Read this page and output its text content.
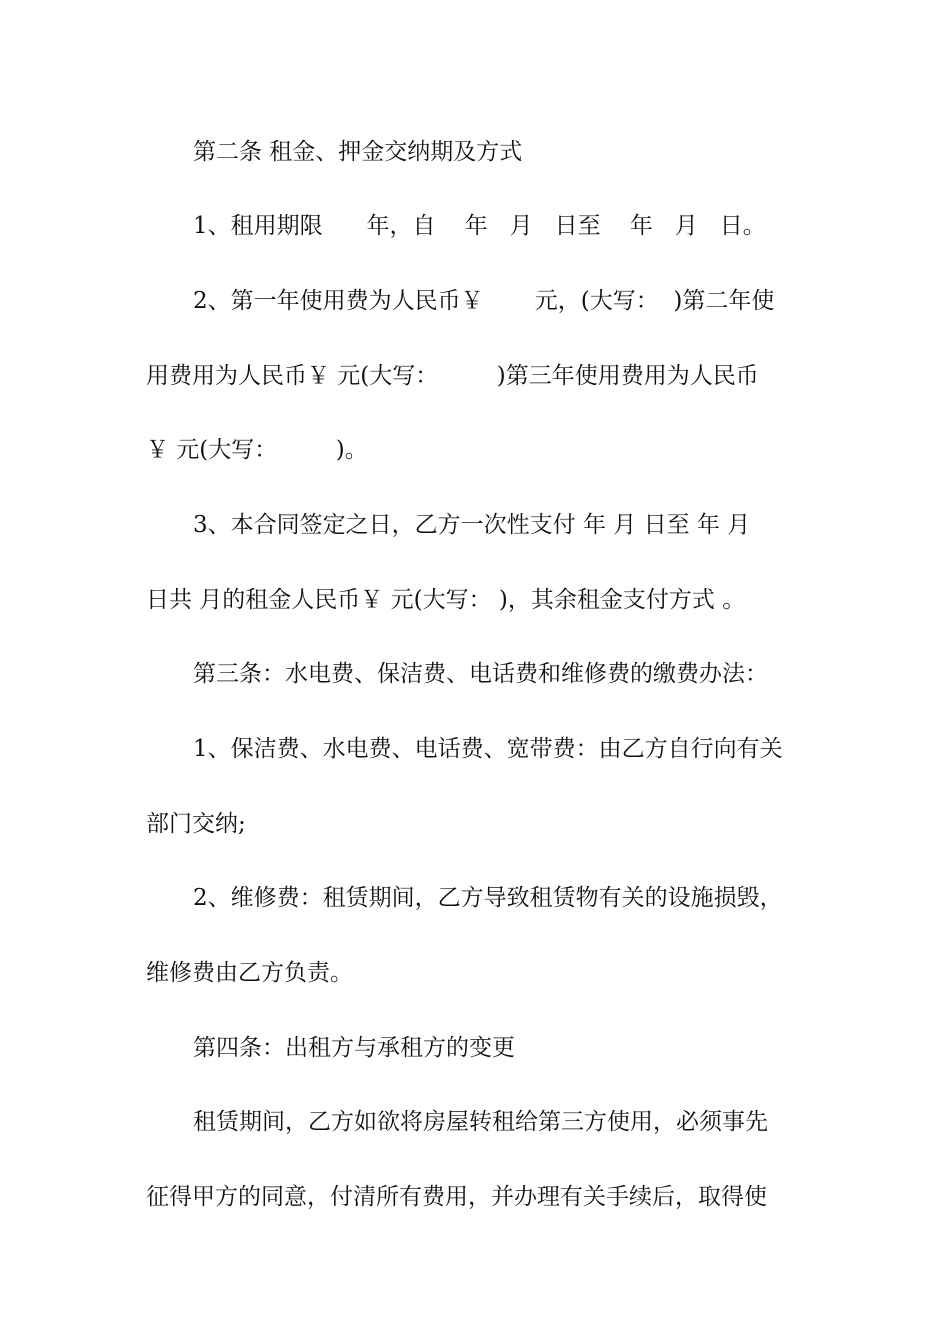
第二条 租金、押金交纳期及方式

1、租用期限      年，自    年   月   日至    年   月   日。

2、第一年使用费为人民币￥       元，(大写：  )第二年使

用费用为人民币￥ 元(大写：        )第三年使用费用为人民币

￥ 元(大写：        )。

3、本合同签定之日，乙方一次性支付 年 月 日至 年 月

日共 月的租金人民币￥ 元(大写： )，其余租金支付方式 。

第三条：水电费、保洁费、电话费和维修费的缴费办法：

1、保洁费、水电费、电话费、宽带费：由乙方自行向有关

部门交纳;

2、维修费：租赁期间，乙方导致租赁物有关的设施损毁，

维修费由乙方负责。

第四条：出租方与承租方的变更

租赁期间，乙方如欲将房屋转租给第三方使用，必须事先

征得甲方的同意，付清所有费用，并办理有关手续后，取得使
